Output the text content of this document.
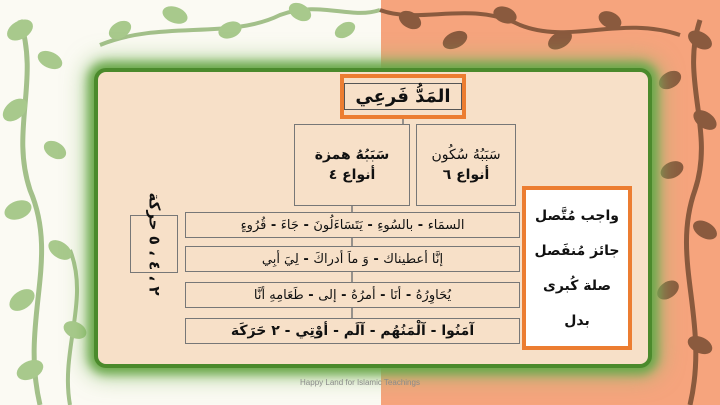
المَدُّ فَرعِي
سَبَبُهُ همزة
أنواع ٤
سَبَبُهُ سُكُون
أنواع ٦
السمَاء
-
بالسُوءِ
-
يَتَسَاءَلُونَ
-
جَاءَ
-
قُرُوءٍ
إنَّا أعطيناك
-
وَ ماَ أدراكَ
-
لِيَ أبِي
يُحَاوِرُهُ
-
أنَا
-
أمرُهُ
-
إلى
-
طَعَامِهِ أنَّا
آمَنُوا
-
آلْمَنُهُم
-
آلَم
-
أوْتِي
-
٢ حَرَكَة
٢ ، ٤ ، ٥ حركة
واجب مُتَّصل
جائز مُنفَصل
صلة كُبرى
بدل
Happy Land for Islamic Teachings
